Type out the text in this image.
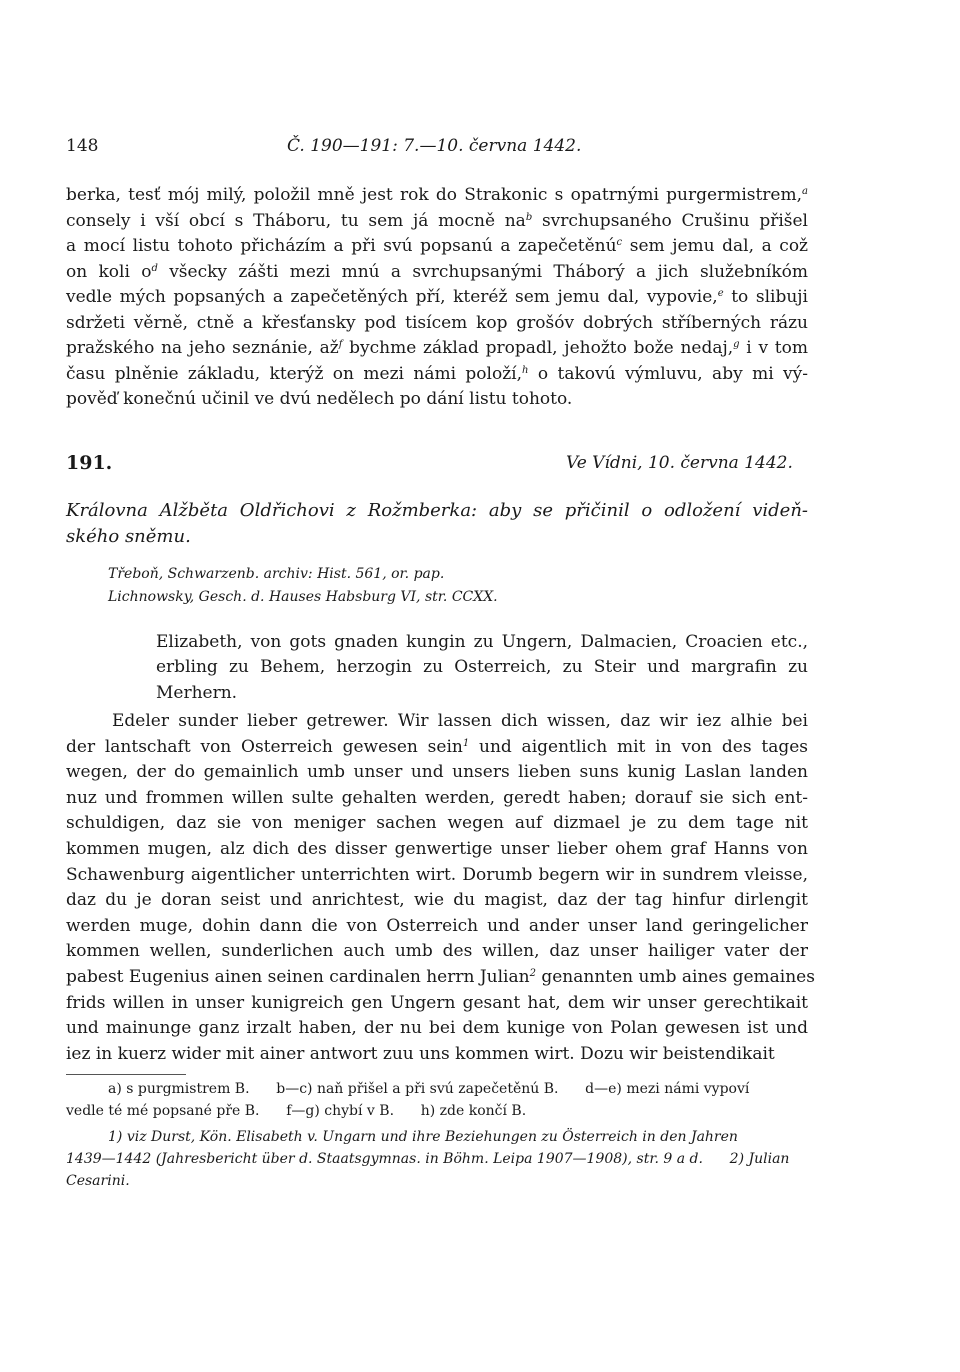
148	Č. 190—191: 7.—10. června 1442.
berka, tesť mój milý, položil mně jest rok do Strakonic s opatrnými purgermistrem,$^a$
consely i vší obcí s Tháboru, tu sem já mocně $na^b$ svrchupsaného Crušinu přišel
a mocí listu tohoto přicházím a při svú popsanú a zapečetěnú$^c$ sem jemu dal, a což
on koli $o^d$ všecky zášti mezi mnú a svrchupsanými Tháborý a jich služebníkóm
vedle mých popsaných a zapečetěných pří, kteréž sem jemu dal, vypovie,$^e$ to slibuji
sdržeti věrně, ctně a křesťansky pod tisícem kop grošóv dobrých stříberných rázu
pražského na jeho seznánie, $až^f$ bychme základ propadl, jehožto bože nedaj,$^g$ i v tom
času plněnie základu, kterýž on mezi námi položí,$^h$ o takovú výmluvu, aby mi vý-
pověď konečnú učinil ve dvú nedělech po dání listu tohoto.
191.	Ve Vídni, 10. června 1442.
Královna Alžběta Oldřichovi z Rožmberka: aby se přičinil o odložení videň-
ského sněmu.
Třeboň, Schwarzenb. archiv: Hist. 561, or. pap.
Lichnowsky, Gesch. d. Hauses Habsburg VI, str. CCXX.
Elizabeth, von gots gnaden kungin zu Ungern, Dalmacien, Croacien etc.,
erbling zu Behem, herzogin zu Osterreich, zu Steir und margrafin zu
Merhern.
Edeler sunder lieber getrewer. Wir lassen dich wissen, daz wir iez alhie bei
der lantschaft von Osterreich gewesen sein$^1$ und aigentlich mit in von des tages
wegen, der do gemainlich umb unser und unsers lieben suns kunig Laslan landen
nuz und frommen willen sulte gehalten werden, geredt haben; dorauf sie sich ent-
schuldigen, daz sie von meniger sachen wegen auf dizmael je zu dem tage nit
kommen mugen, alz dich des disser genwertige unser lieber ohem graf Hanns von
Schawenburg aigentlicher unterrichten wirt. Dorumb begern wir in sundrem vleisse,
daz du je doran seist und anrichtest, wie du magist, daz der tag hinfur dirlengit
werden muge, dohin dann die von Osterreich und ander unser land geringelicher
kommen wellen, sunderlichen auch umb des willen, daz unser hailiger vater der
pabest Eugenius ainen seinen cardinalen herrn Julian$^2$ genannten umb aines gemaines
frids willen in unser kunigreich gen Ungern gesant hat, dem wir unser gerechtikait
und mainunge ganz irzalt haben, der nu bei dem kunige von Polan gewesen ist und
iez in kuerz wider mit ainer antwort zuu uns kommen wirt. Dozu wir beistendikait
a) s purgmistrem B.      b—c) naň přišel a při svú zapečetěnú B.      d—e) mezi námi vypoví
vedle té mé popsané pře B.      f—g) chybí v B.      h) zde končí B.
1) viz Durst, Kön. Elisabeth v. Ungarn und ihre Beziehungen zu Österreich in den Jahren
1439—1442 (Jahresbericht über d. Staatsgymnas. in Böhm. Leipa 1907—1908), str. 9 a d.      2) Julian
Cesarini.
